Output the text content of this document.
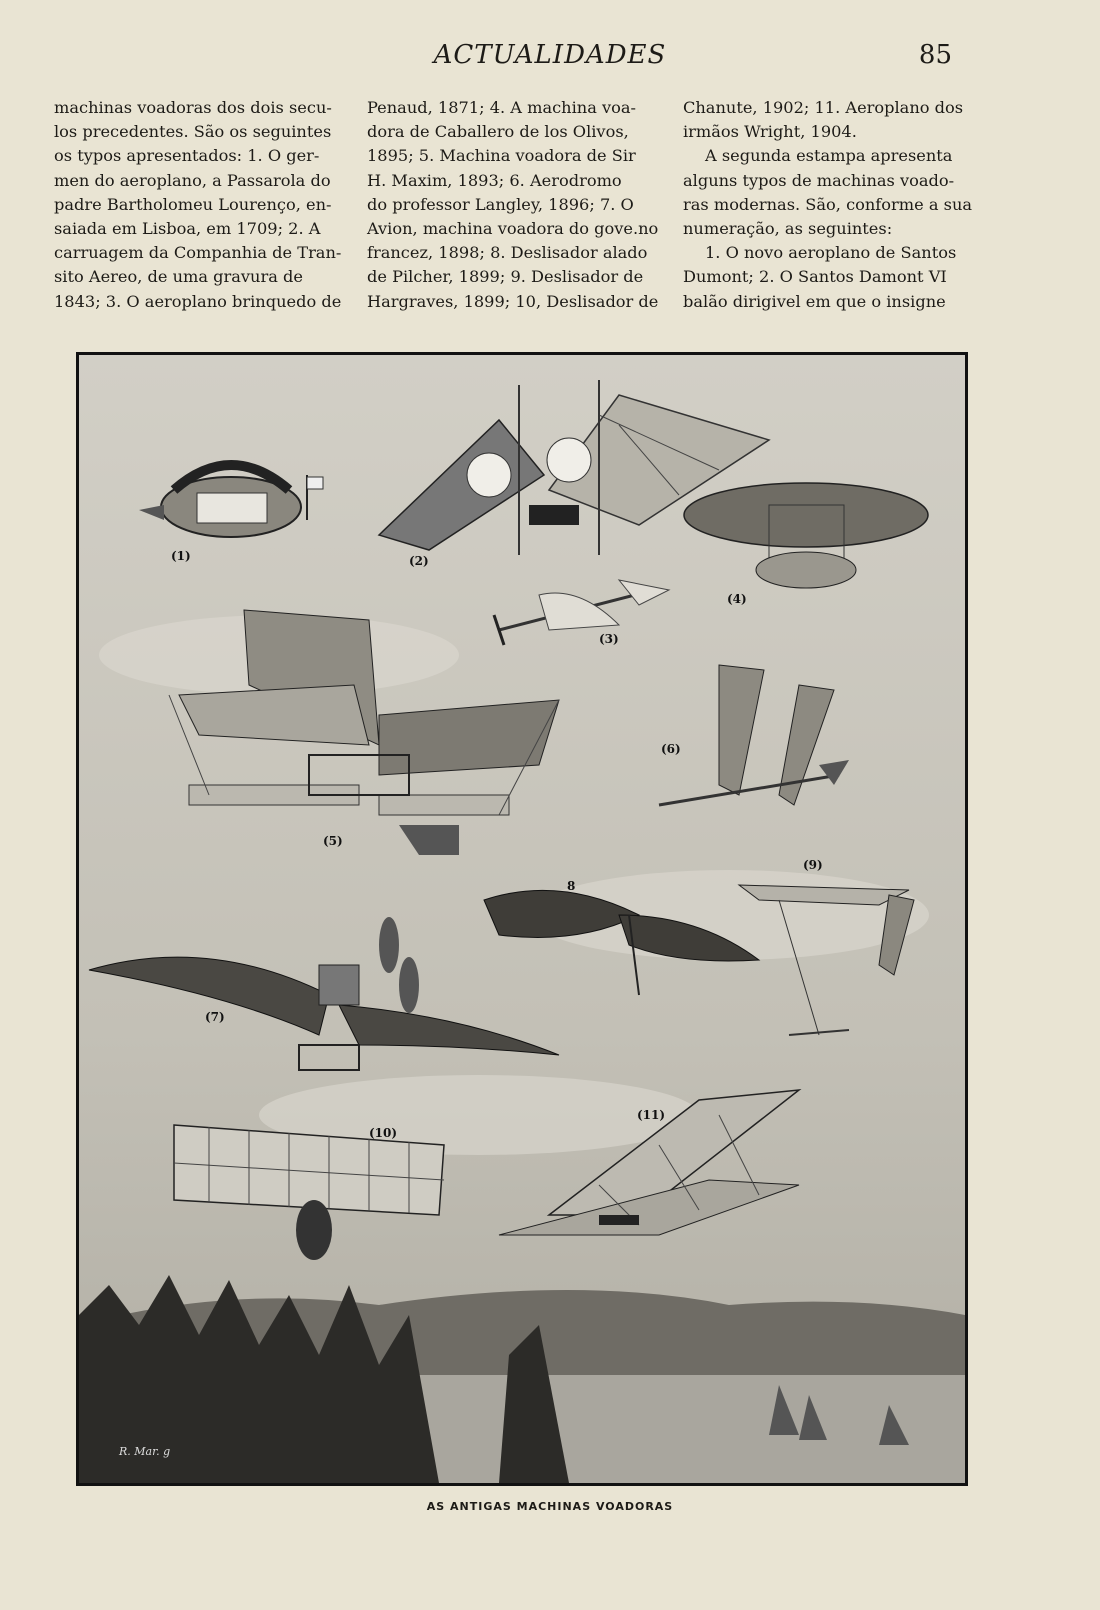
ACTUALIDADES	85
machinas voadoras dos dois secu-
los precedentes. São os seguintes
os typos apresentados: 1. O ger-
men do aeroplano, a Passarola do
padre Bartholomeu Lourenço, en-
saiada em Lisboa, em 1709; 2. A
carruagem da Companhia de Tran-
sito Aereo, de uma gravura de
1843; 3. O aeroplano brinquedo de
Penaud, 1871; 4. A machina voa-
dora de Caballero de los Olivos,
1895; 5. Machina voadora de Sir
H. Maxim, 1893; 6. Aerodromo
do professor Langley, 1896; 7. O
Avion, machina voadora do gove.no
francez, 1898; 8. Deslisador alado
de Pilcher, 1899; 9. Deslisador de
Hargraves, 1899; 10, Deslisador de
Chanute, 1902; 11. Aeroplano dos
irmãos Wright, 1904.
A segunda estampa apresenta
alguns typos de machinas voado-
ras modernas. São, conforme a sua
numeração, as seguintes:
1. O novo aeroplano de Santos
Dumont; 2. O Santos Damont VI
balão dirigivel em que o insigne
(1)	(2)
(3)
(4)
(5)
(6)
8
(9)
(7)
(10)
(11)
R. Mar. g
AS ANTIGAS MACHINAS VOADORAS
